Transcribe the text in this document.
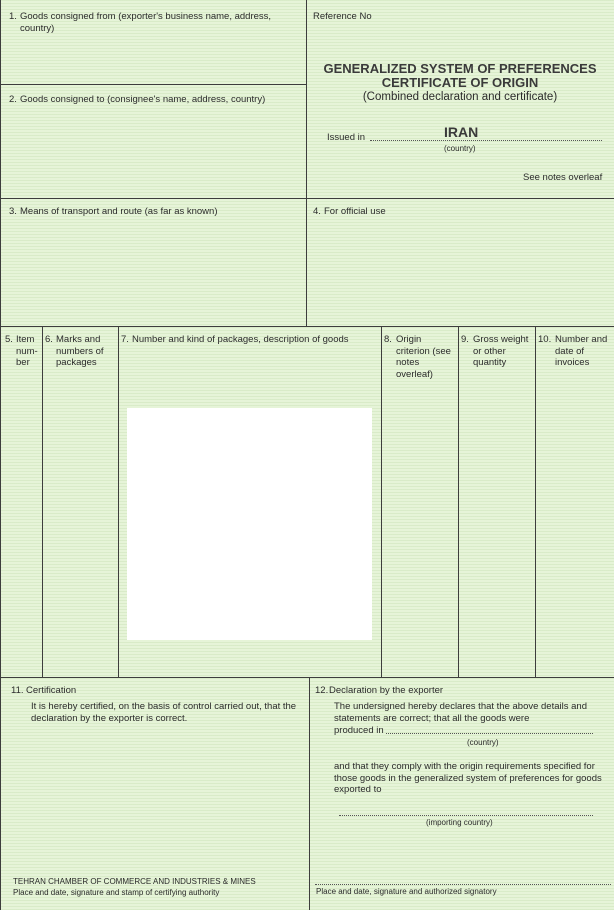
1. Goods consigned from (exporter's business name, address, country)
Reference No
GENERALIZED SYSTEM OF PREFERENCES
CERTIFICATE OF ORIGIN
(Combined declaration and certificate)
Issued in	IRAN
(country)
See notes overleaf
2. Goods consigned to (consignee's name, address, country)
3. Means of transport and route (as far as known)	4. For official use
5. Item num-ber
6. Marks and numbers of packages
7. Number and kind of packages, description of goods	8. Origin criterion (see notes overleaf)
9. Gross weight or other quantity
10. Number and date of invoices
11. Certification
It is hereby certified, on the basis of control carried out, that the declaration by the exporter is correct.
TEHRAN CHAMBER OF COMMERCE AND INDUSTRIES & MINES
Place and date, signature and stamp of certifying authority
12. Declaration by the exporter
The undersigned hereby declares that the above details and statements are correct; that all the goods were
produced in
(country)
and that they comply with the origin requirements specified for those goods in the generalized system of preferences for goods exported to
(importing country)
Place and date, signature and authorized signatory
